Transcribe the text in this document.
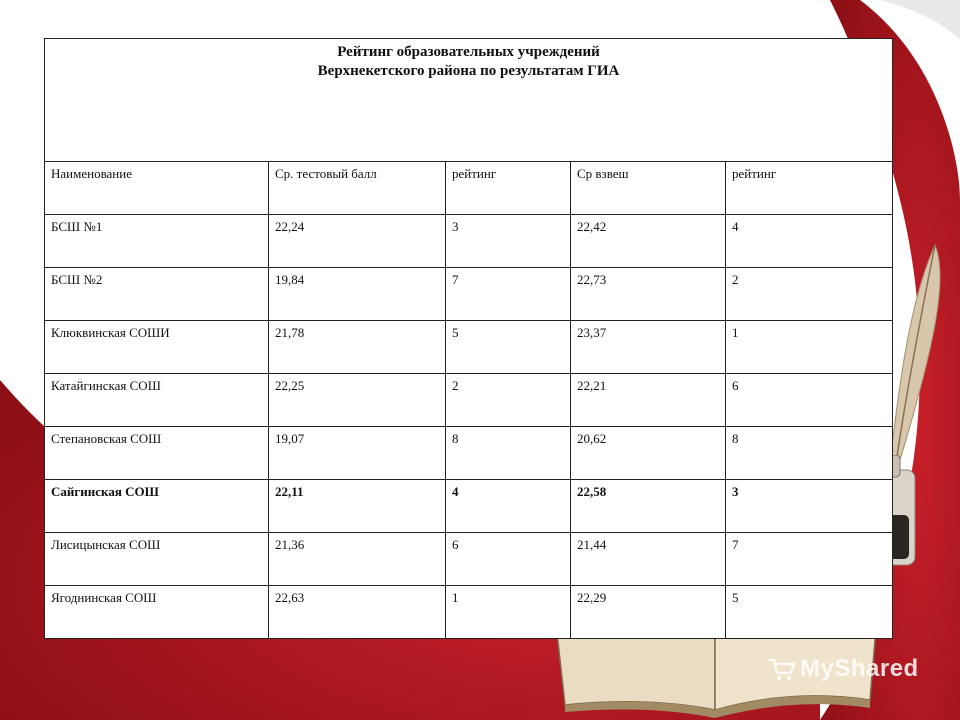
Рейтинг образовательных учреждений
Верхнекетского района по результатам ГИА				

Наименование	Ср. тестовый балл	рейтинг	Ср взвеш	рейтинг
БСШ №1	22,24	3	22,42	4
БСШ №2	19,84	7	22,73	2
Клюквинская СОШИ	21,78	5	23,37	1
Катайгинская СОШ	22,25	2	22,21	6
Степановская СОШ	19,07	8	20,62	8
Сайгинская СОШ	22,11	4	22,58	3
Лисицынская СОШ	21,36	6	21,44	7
Ягоднинская СОШ	22,63	1	22,29	5
MyShared
